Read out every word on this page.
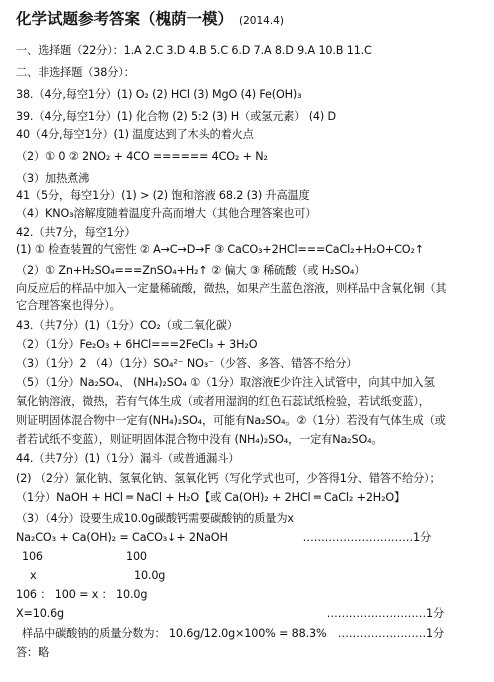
化学试题参考答案（槐荫一模） (2014.4)
一、选择题（22分）：1.A 2.C 3.D 4.B 5.C 6.D 7.A 8.D 9.A 10.B 11.C
二、非选择题（38分）：
38.（4分,每空1分）(1) O₂ (2) HCl (3) MgO (4) Fe(OH)₃
39.（4分,每空1分）(1) 化合物 (2) 5:2 (3) H（或氢元素） (4) D
40（4分,每空1分）(1) 温度达到了木头的着火点
（2）① 0 ② 2NO₂ + 4CO ====== 4CO₂ + N₂
（3）加热煮沸
41（5分，每空1分）(1) > (2) 饱和溶液 68.2 (3) 升高温度
（4）KNO₃溶解度随着温度升高而增大（其他合理答案也可）
42.（共7分，每空1分）
(1) ① 检查装置的气密性 ② A→C→D→F ③ CaCO₃+2HCl===CaCl₂+H₂O+CO₂↑
（2）① Zn+H₂SO₄===ZnSO₄+H₂↑ ② 偏大 ③ 稀硫酸（或 H₂SO₄）
向反应后的样品中加入一定量稀硫酸，微热，如果产生蓝色溶液，则样品中含氧化铜（其
它合理答案也得分）。
43.（共7分）(1)（1分）CO₂（或二氧化碳）
（2）（1分）Fe₂O₃ + 6HCl===2FeCl₃ + 3H₂O
（3）（1分）2 （4）（1分）SO₄²⁻ NO₃⁻（少答、多答、错答不给分）
（5）（1分）Na₂SO₄、 (NH₄)₂SO₄ ①（1分）取溶液E少许注入试管中，向其中加入氢
氧化钠溶液，微热，若有气体生成（或者用湿润的红色石蕊试纸检验，若试纸变蓝），
则证明固体混合物中一定有(NH₄)₂SO₄，可能有Na₂SO₄。②（1分）若没有气体生成（或
者若试纸不变蓝），则证明固体混合物中没有 (NH₄)₂SO₄，一定有Na₂SO₄。
44.（共7分）(1)（1分）漏斗（或普通漏斗）
(2) （2分）氯化钠、氢氧化钠、氢氧化钙（写化学式也可，少答得1分、错答不给分）；
（1分）NaOH + HCl ═ NaCl + H₂O【或 Ca(OH)₂ + 2HCl ═ CaCl₂ +2H₂O】
（3）（4分）设要生成10.0g碳酸钙需要碳酸钠的质量为x
Na₂CO₃ + Ca(OH)₂ = CaCO₃↓+ 2NaOH	…………………………1分
106	100
x	10.0g
106 ： 100 = x ： 10.0g
X=10.6g	………………………1分
样品中碳酸钠的质量分数为： 10.6g/12.0g×100% = 88.3% ……………………1分
答：略
